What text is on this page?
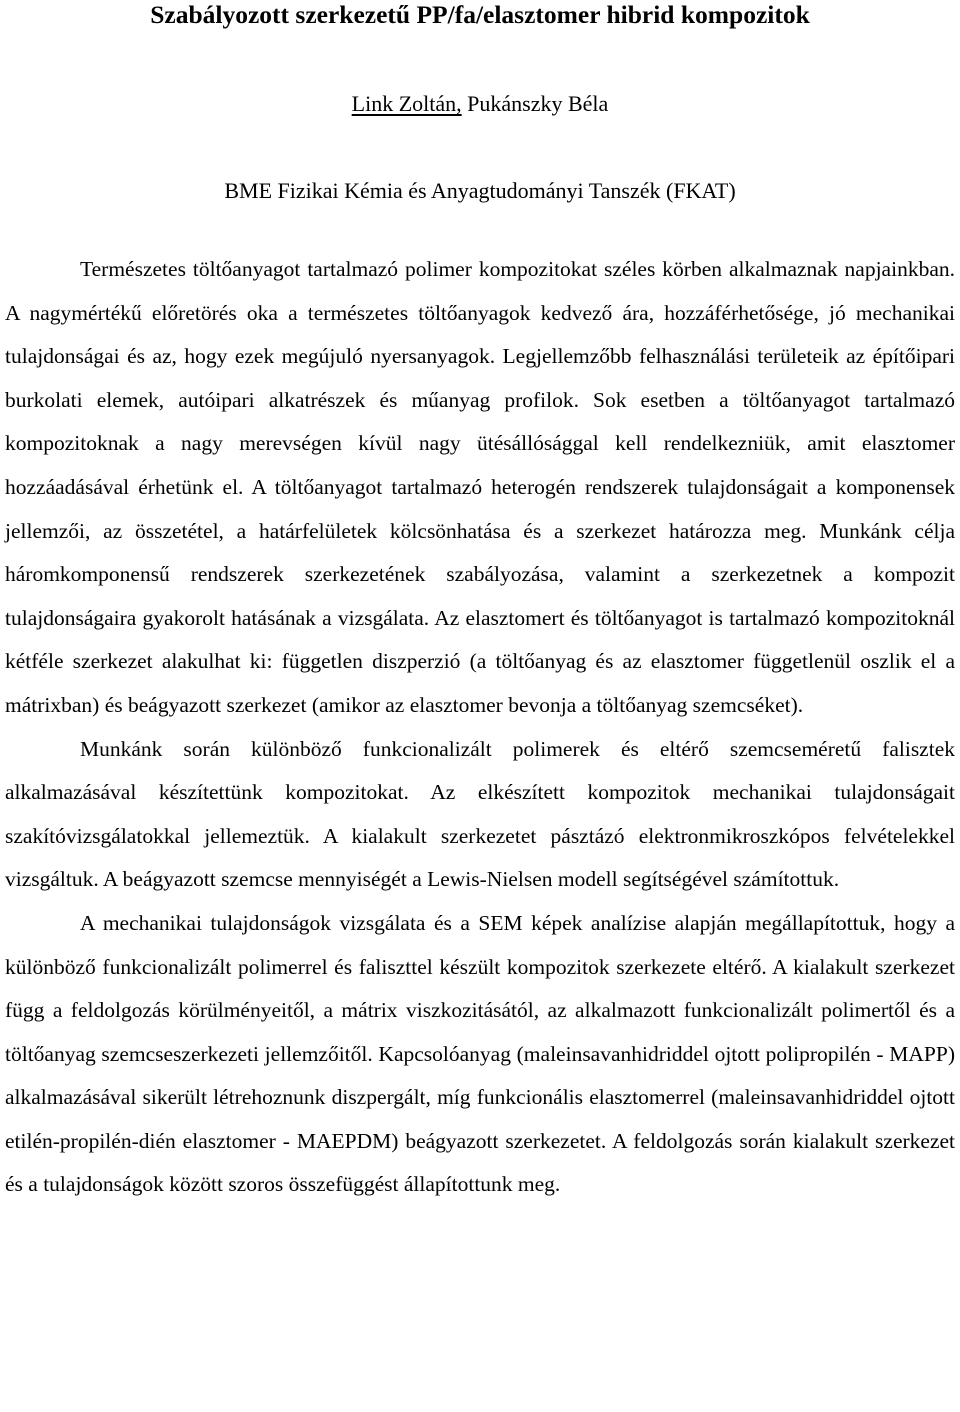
Szabályozott szerkezetű PP/fa/elasztomer hibrid kompozitok
Link Zoltán, Pukánszky Béla
BME Fizikai Kémia és Anyagtudományi Tanszék (FKAT)

Természetes töltőanyagot tartalmazó polimer kompozitokat széles körben alkalmaznak napjainkban. A nagymértékű előretörés oka a természetes töltőanyagok kedvező ára, hozzáférhetősége, jó mechanikai tulajdonságai és az, hogy ezek megújuló nyersanyagok. Legjellemzőbb felhasználási területeik az építőipari burkolati elemek, autóipari alkatrészek és műanyag profilok. Sok esetben a töltőanyagot tartalmazó kompozitoknak a nagy merevségen kívül nagy ütésállósággal kell rendelkezniük, amit elasztomer hozzáadásával érhetünk el. A töltőanyagot tartalmazó heterogén rendszerek tulajdonságait a komponensek jellemzői, az összetétel, a határfelületek kölcsönhatása és a szerkezet határozza meg. Munkánk célja háromkomponensű rendszerek szerkezetének szabályozása, valamint a szerkezetnek a kompozit tulajdonságaira gyakorolt hatásának a vizsgálata. Az elasztomert és töltőanyagot is tartalmazó kompozitoknál kétféle szerkezet alakulhat ki: független diszperzió (a töltőanyag és az elasztomer függetlenül oszlik el a mátrixban) és beágyazott szerkezet (amikor az elasztomer bevonja a töltőanyag szemcséket).

Munkánk során különböző funkcionalizált polimerek és eltérő szemcseméretű falisztek alkalmazásával készítettünk kompozitokat. Az elkészített kompozitok mechanikai tulajdonságait szakítóvizsgálatokkal jellemeztük. A kialakult szerkezetet pásztázó elektronmikroszkópos felvételekkel vizsgáltuk. A beágyazott szemcse mennyiségét a Lewis-Nielsen modell segítségével számítottuk.

A mechanikai tulajdonságok vizsgálata és a SEM képek analízise alapján megállapítottuk, hogy a különböző funkcionalizált polimerrel és faliszttel készült kompozitok szerkezete eltérő. A kialakult szerkezet függ a feldolgozás körülményeitől, a mátrix viszkozitásától, az alkalmazott funkcionalizált polimertől és a töltőanyag szemcseszerkezeti jellemzőitől. Kapcsolóanyag (maleinsavanhidriddel ojtott polipropilén - MAPP) alkalmazásával sikerült létrehoznunk diszpergált, míg funkcionális elasztomerrel (maleinsavanhidriddel ojtott etilén-propilén-dién elasztomer - MAEPDM) beágyazott szerkezetet. A feldolgozás során kialakult szerkezet és a tulajdonságok között szoros összefüggést állapítottunk meg.
